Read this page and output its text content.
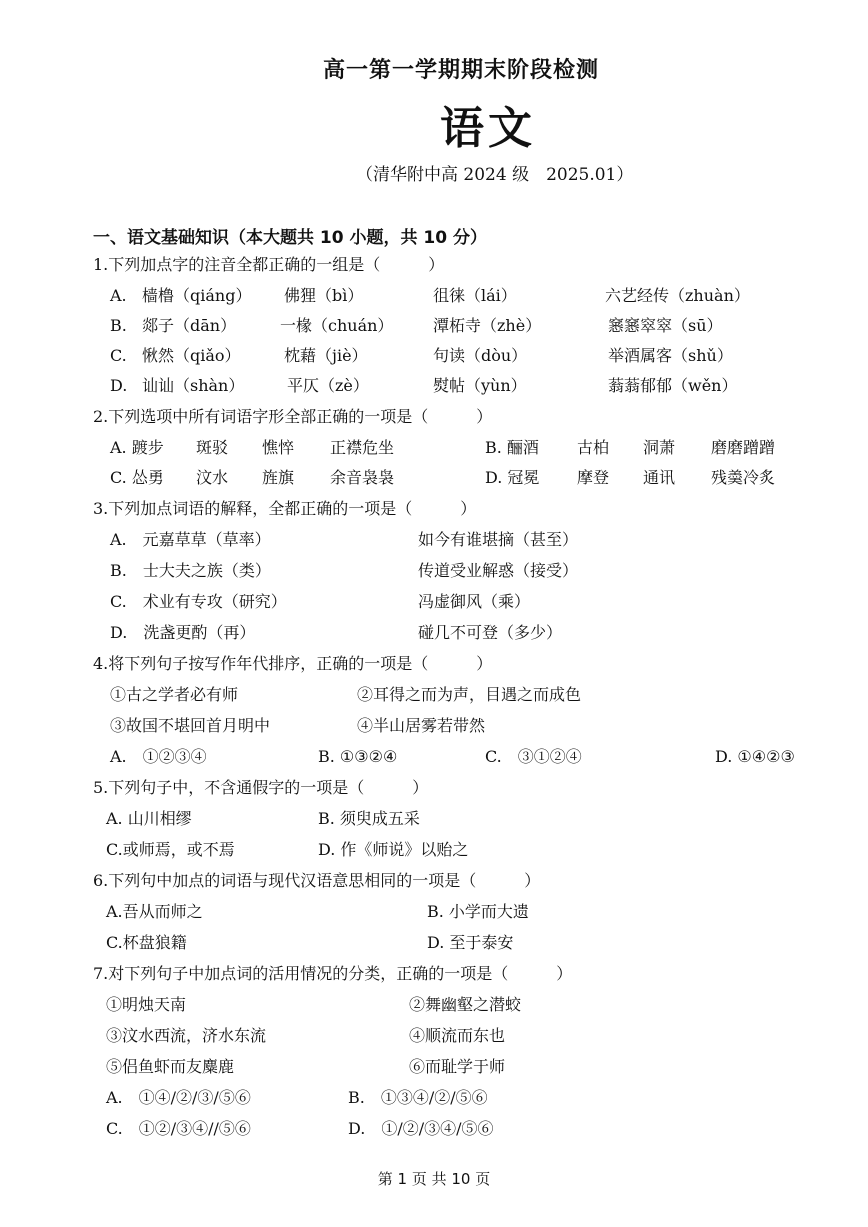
高一第一学期期末阶段检测
语文
（清华附中高 2024 级　2025.01）
一、语文基础知识（本大题共 10 小题，共 10 分）
1.下列加点字的注音全都正确的一组是（　　　）
A. 樯橹（qiáng） 佛狸（bì）	徂徕（lái）	六艺经传（zhuàn）
B. 郯子（dān）	一椽（chuán） 潭柘寺（zhè）	窸窸窣窣（sū）
C. 愀然（qiǎo）	枕藉（jiè）	句读（dòu）	举酒属客（shǔ）
D. 讪讪（shàn）	平仄（zè）	熨帖（yùn）	蓊蓊郁郁（wěn）
2.下列选项中所有词语字形全部正确的一项是（　　　）
A. 踱步 斑驳 憔悴 正襟危坐	B. 酾酒 古柏 洞萧 磨磨蹭蹭
C. 怂勇 汶水 旌旗 余音袅袅	D. 冠冕 摩登 通讯 残羮冷炙
3.下列加点词语的解释，全都正确的一项是（　　　）
A.　元嘉草草（草率）	如今有谁堪摘（甚至）
B.　士大夫之族（类）	传道受业解惑（接受）
C.　术业有专攻（研究）	冯虚御风（乘）
D.　洗盏更酌（再）	碰几不可登（多少）
4.将下列句子按写作年代排序，正确的一项是（　　　）
①古之学者必有师	②耳得之而为声，目遇之而成色
③故国不堪回首月明中	④半山居雾若带然
A.　①②③④	B. ①③②④	C.　③①②④	D. ①④②③
5.下列句子中，不含通假字的一项是（　　　）
A. 山川相缪	B. 须臾成五采
C.或师焉，或不焉	D. 作《师说》以贻之
6.下列句中加点的词语与现代汉语意思相同的一项是（　　　）
A.吾从而师之	B. 小学而大遗
C.杯盘狼籍	D. 至于泰安
7.对下列句子中加点词的活用情况的分类，正确的一项是（　　　）
①明烛天南	②舞幽壑之潜蛟
③汶水西流，济水东流	④顺流而东也
⑤侣鱼虾而友麋鹿	⑥而耻学于师
A.　①④/②/③/⑤⑥	B.　①③④/②/⑤⑥
C.　①②/③④//⑤⑥	D.　①/②/③④/⑤⑥
第 1 页 共 10 页
